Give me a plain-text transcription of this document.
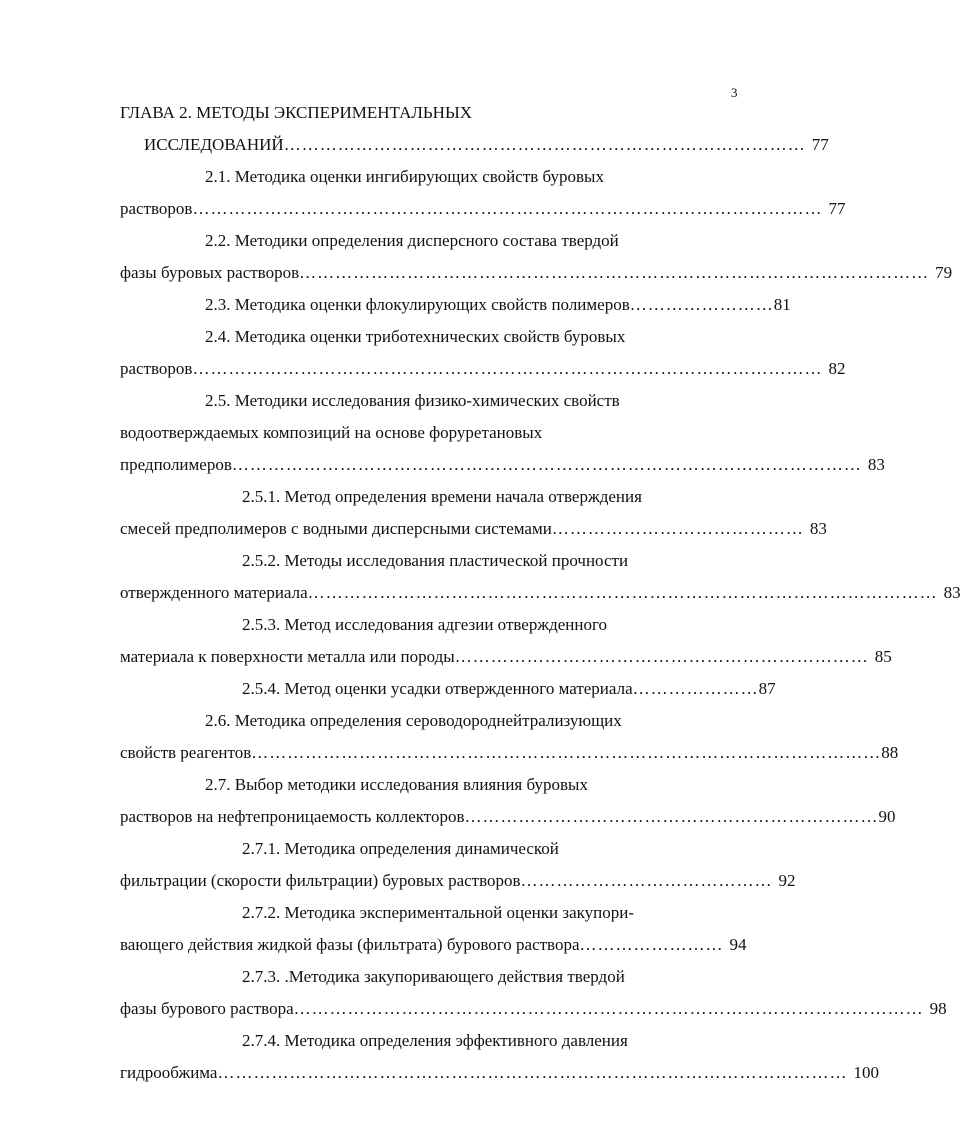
3
ГЛАВА 2. МЕТОДЫ ЭКСПЕРИМЕНТАЛЬНЫХ
ИССЛЕДОВАНИЙ …………………………………………………………………………… 77
2.1. Методика оценки ингибирующих свойств буровых
растворов …………………………………………………………………………………………… 77
2.2. Методики определения дисперсного состава твердой
фазы буровых растворов …………………………………………………………………………………………… 79
2.3. Методика оценки флокулирующих свойств полимеров …………………… 81
2.4. Методика оценки триботехнических свойств буровых
растворов …………………………………………………………………………………………… 82
2.5. Методики исследования физико-химических свойств
водоотверждаемых композиций на основе форуретановых
предполимеров …………………………………………………………………………………………… 83
2.5.1. Метод определения времени начала отверждения
смесей предполимеров с водными дисперсными системами …………………………………… 83
2.5.2. Методы исследования пластической прочности
отвержденного материала …………………………………………………………………………………………… 83
2.5.3. Метод исследования адгезии отвержденного
материала к поверхности металла или породы …………………………………………………………… 85
2.5.4. Метод оценки усадки отвержденного материала ………………… 87
2.6. Методика определения сероводороднейтрализующих
свойств реагентов …………………………………………………………………………………………… 88
2.7. Выбор методики исследования влияния буровых
растворов на нефтепроницаемость коллекторов …………………………………………………………… 90
2.7.1. Методика определения динамической
фильтрации (скорости фильтрации) буровых растворов …………………………………… 92
2.7.2. Методика экспериментальной оценки закупори-
вающего действия жидкой фазы (фильтрата) бурового раствора …………………… 94
2.7.3. .Методика закупоривающего действия твердой
фазы бурового раствора …………………………………………………………………………………………… 98
2.7.4. Методика определения эффективного давления
гидрообжима …………………………………………………………………………………………… 100
